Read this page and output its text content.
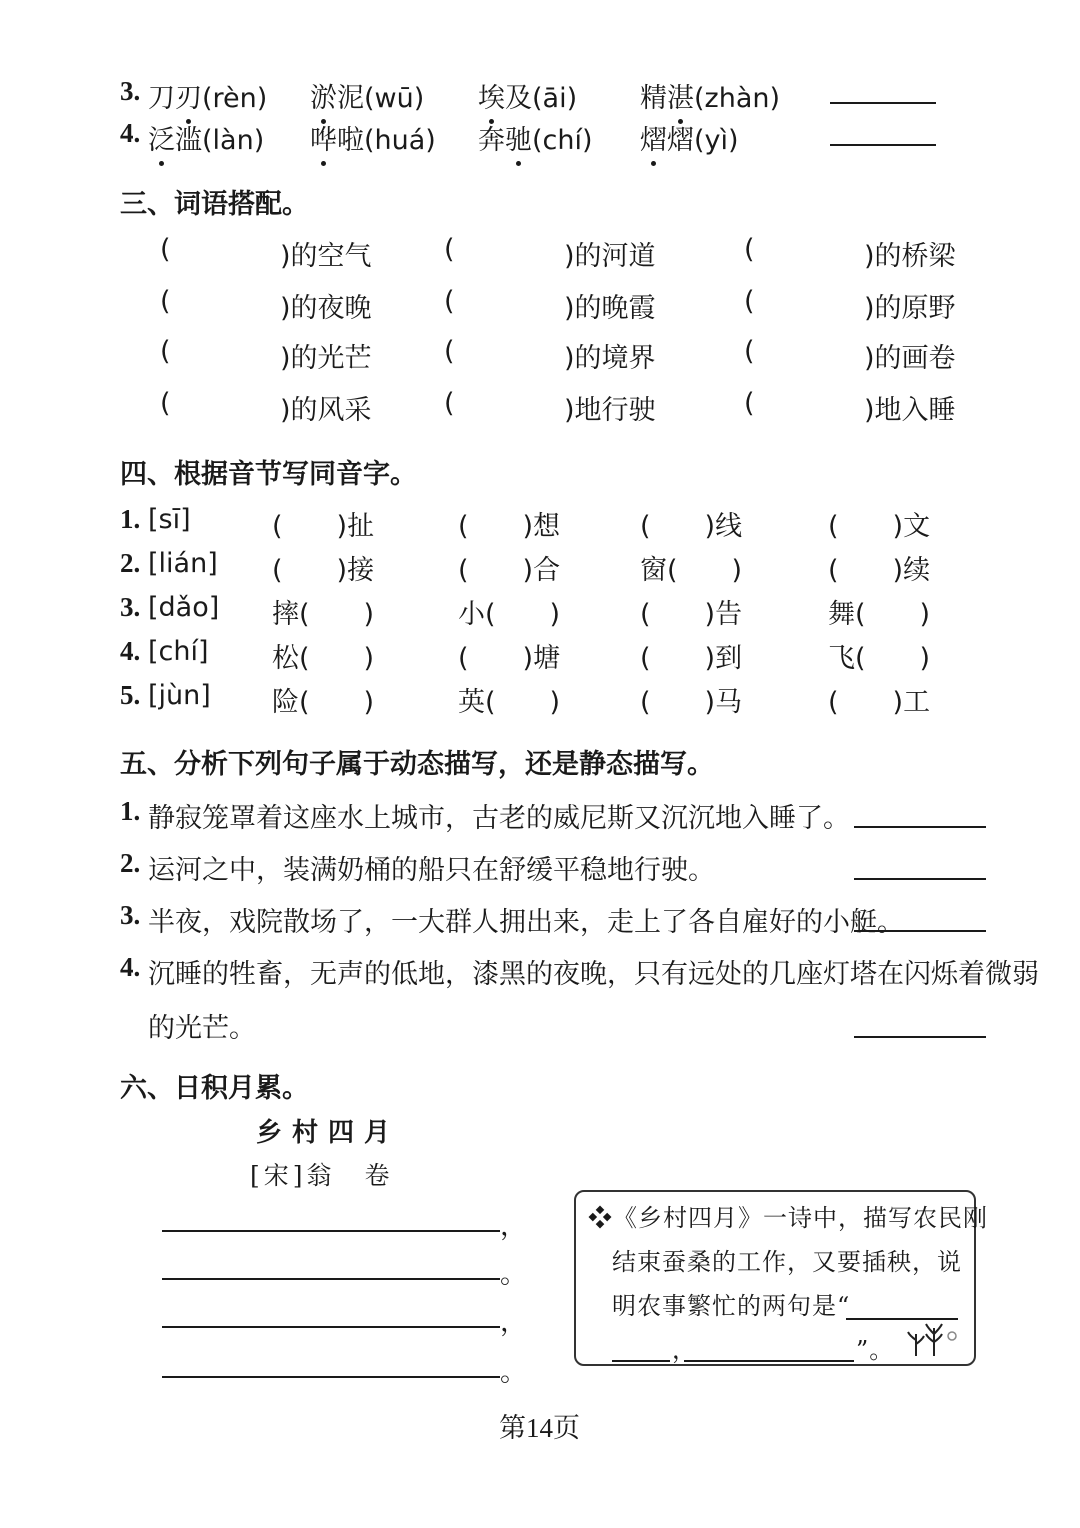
3. 刀刃(rèn) 淤泥(wū) 埃及(āi) 精湛(zhàn)
4. 泛滥(làn) 哗啦(huá) 奔驰(chí) 熠熠(yì)
三、词语搭配。
(	)的空气	(	)的河道	(	)的桥梁
(	)的夜晚	(	)的晚霞	(	)的原野
(	)的光芒	(	)的境界	(	)的画卷
(	)的风采	(	)地行驶	(	)地入睡
四、根据音节写同音字。
1. [sī]	(　　)扯	(　　)想	(　　)线	(　　)文
2. [lián] (　　)接	(　　)合	窗(　　)	(　　)续
3. [dǎo] 摔(　　)	小(　　)	(　　)告	舞(　　)
4. [chí] 松(　　)	(　　)塘	(　　)到	飞(　　)
5. [jùn] 险(　　)	英(　　)	(　　)马	(　　)工
五、分析下列句子属于动态描写，还是静态描写。
1. 静寂笼罩着这座水上城市，古老的威尼斯又沉沉地入睡了。
2. 运河之中，装满奶桶的船只在舒缓平稳地行驶。
3. 半夜，戏院散场了，一大群人拥出来，走上了各自雇好的小艇。
4. 沉睡的牲畜，无声的低地，漆黑的夜晚，只有远处的几座灯塔在闪烁着微弱
的光芒。
六、日积月累。
乡村四月
[宋]翁　卷
，
。
，
。
❖《乡村四月》一诗中，描写农民刚
结束蚕桑的工作，又要插秧，说
明农事繁忙的两句是“
，	”。
第14页
